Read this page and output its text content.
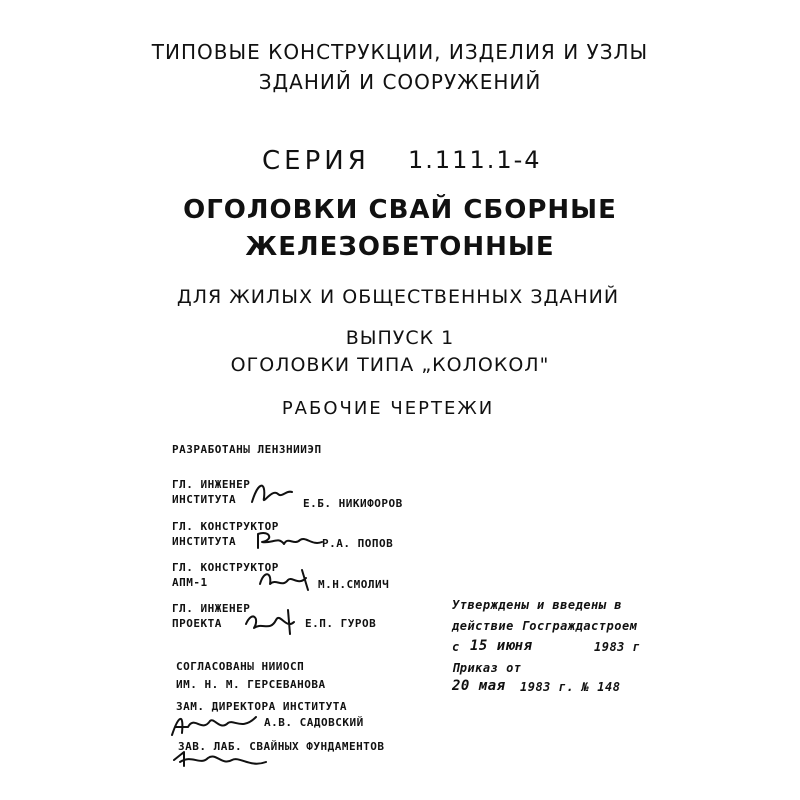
ТИПОВЫЕ КОНСТРУКЦИИ, ИЗДЕЛИЯ И УЗЛЫ
ЗДАНИЙ И СООРУЖЕНИЙ
СЕРИЯ 1.111.1-4
ОГОЛОВКИ СВАЙ СБОРНЫЕ
ЖЕЛЕЗОБЕТОННЫЕ
ДЛЯ ЖИЛЫХ И ОБЩЕСТВЕННЫХ ЗДАНИЙ
ВЫПУСК 1
ОГОЛОВКИ ТИПА „КОЛОКОЛ"
РАБОЧИЕ ЧЕРТЕЖИ
РАЗРАБОТАНЫ ЛЕНЗНИИЭП
ГЛ. ИНЖЕНЕР
ИНСТИТУТА	Е.Б. НИКИФОРОВ
ГЛ. КОНСТРУКТОР
ИНСТИТУТА	Р.А. ПОПОВ
ГЛ. КОНСТРУКТОР
АПМ-1	М.Н.СМОЛИЧ
ГЛ. ИНЖЕНЕР
ПРОЕКТА	Е.П. ГУРОВ
СОГЛАСОВАНЫ НИИОСП
ИМ. Н. М. ГЕРСЕВАНОВА
ЗАМ. ДИРЕКТОРА ИНСТИТУТА
А.В. САДОВСКИЙ
ЗАВ. ЛАБ. СВАЙНЫХ ФУНДАМЕНТОВ
Утверждены и введены в
действие Госграждастроем
с 15 июня	1983 г
Приказ от
20 мая 1983 г. № 148
